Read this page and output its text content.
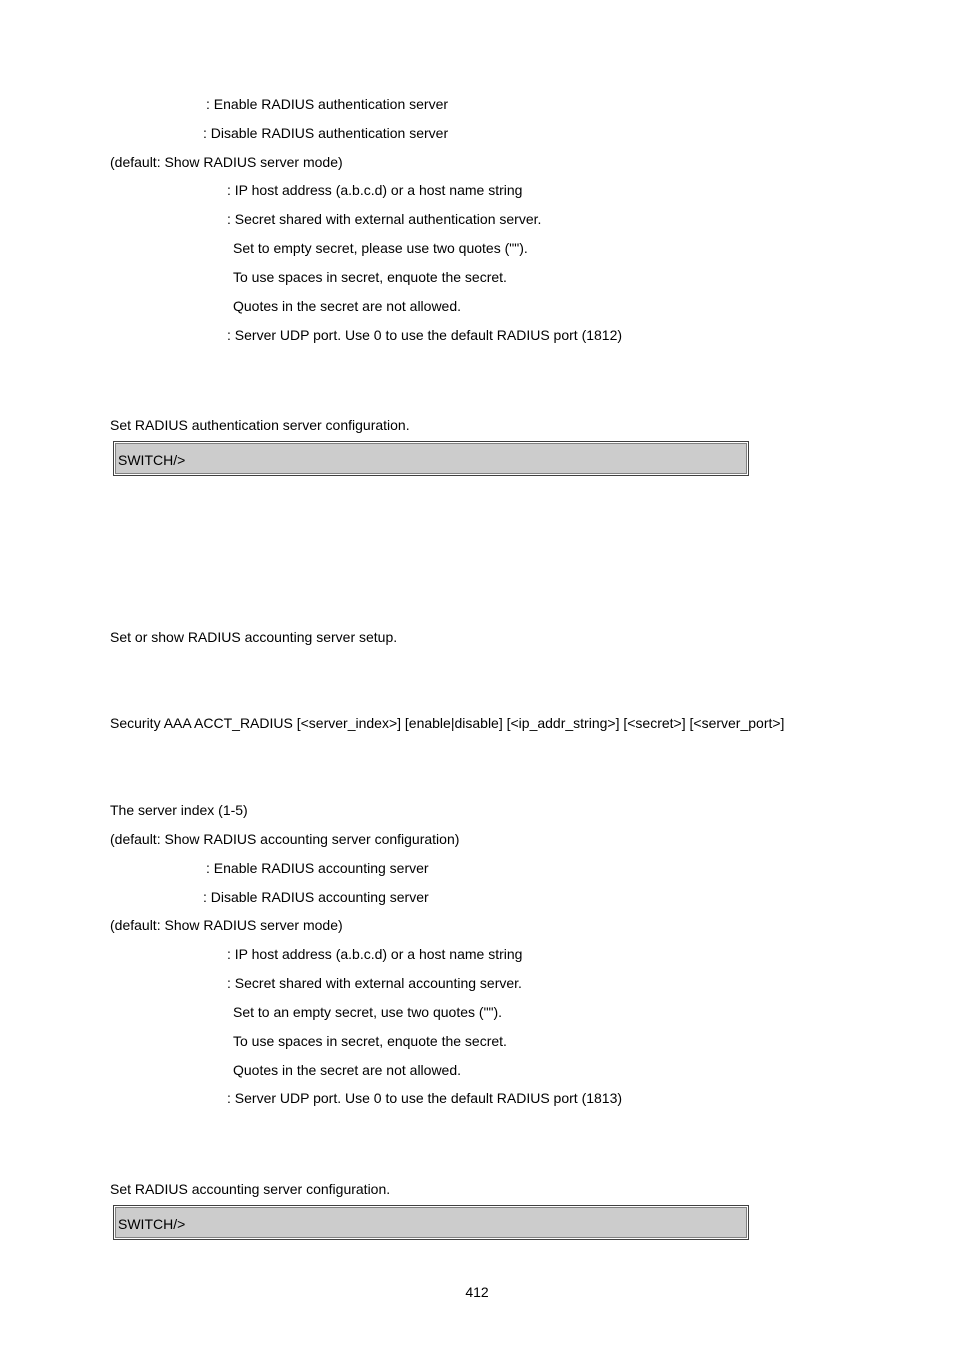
: Enable RADIUS authentication server
: Disable RADIUS authentication server
(default: Show RADIUS server mode)
: IP host address (a.b.c.d) or a host name string
: Secret shared with external authentication server.
Set to empty secret, please use two quotes ("").
To use spaces in secret, enquote the secret.
Quotes in the secret are not allowed.
: Server UDP port. Use 0 to use the default RADIUS port (1812)
Set RADIUS authentication server configuration.
SWITCH/>
Set or show RADIUS accounting server setup.
Security AAA ACCT_RADIUS [<server_index>] [enable|disable] [<ip_addr_string>] [<secret>] [<server_port>]
The server index (1-5)
(default: Show RADIUS accounting server configuration)
: Enable RADIUS accounting server
: Disable RADIUS accounting server
(default: Show RADIUS server mode)
: IP host address (a.b.c.d) or a host name string
: Secret shared with external accounting server.
Set to an empty secret, use two quotes ("").
To use spaces in secret, enquote the secret.
Quotes in the secret are not allowed.
: Server UDP port. Use 0 to use the default RADIUS port (1813)
Set RADIUS accounting server configuration.
SWITCH/>
412
